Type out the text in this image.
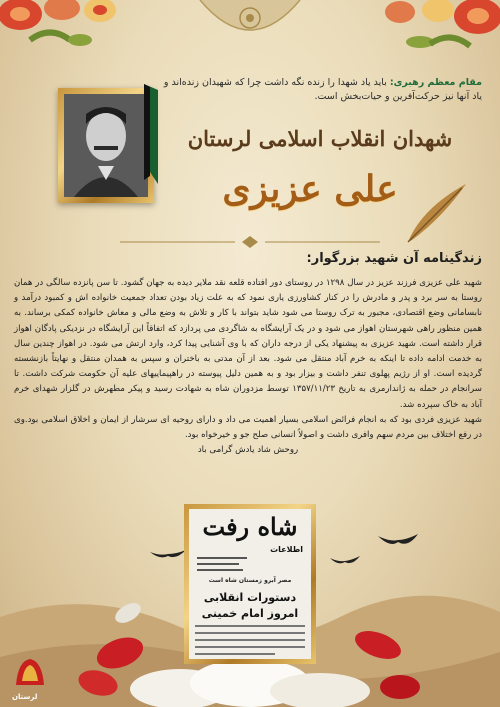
مقام معظم رهبری: باید یاد شهدا را زنده نگه داشت چرا که شهیدان زنده‌اند و یاد آنها نیز حرکت‌آفرین و حیات‌بخش است.
شهدان انقلاب اسلامی لرستان
علی عزیزی
زندگینامه آن شهید بزرگوار:

شهید علی عزیزی فرزند عزیز در سال ۱۲۹۸ در روستای دور افتاده قلعه نقد ملایر دیده به جهان گشود. تا سن پانزده سالگی در همان روستا به سر برد و پدر و مادرش را در کنار کشاورزی یاری نمود که به علت زیاد بودن تعداد جمعیت خانواده اش و کمبود درآمد و نابسامانی وضع اقتصادی، مجبور به ترک روستا می شود شاید بتواند با کار و تلاش به وضع مالی و معاش خانواده کمکی برساند. به همین منظور راهی شهرستان اهواز می شود و در یک آرایشگاه به شاگردی می پردازد که اتفاقاً این آرایشگاه در نزدیکی پادگان اهواز قرار داشته است. شهید عزیزی به پیشنهاد یکی از درجه داران که با وی آشنایی پیدا کرد، وارد ارتش می شود. در اهواز چندین سال به خدمت ادامه داده تا اینکه به خرم آباد منتقل می شود. بعد از آن مدتی به باختران و سپس به همدان منتقل و نهایتاً بازنشسته گردیده است. او از رژیم پهلوی تنفر داشت و بیزار بود و به همین دلیل پیوسته در راهپیماییهای علیه آن حکومت شرکت داشت. تا سرانجام در حمله به ژاندارمری به تاریخ ۱۳۵۷/۱۱/۲۳ توسط مزدوران شاه به شهادت رسید و پیکر مطهرش در گلزار شهدای خرم آباد به خاک سپرده شد.

شهید عزیزی فردی بود که به انجام فرائض اسلامی بسیار اهمیت می داد و دارای روحیه ای سرشار از ایمان و اخلاق اسلامی بود.وی در رفع اختلاف بین مردم سهم وافری داشت و اصولاً انسانی صلح جو و خیرخواه بود.

روحش شاد یادش گرامی باد

شاه رفت
اطلاعات
مصر آبرو زمستان شاه است
دستورات انقلابی
امروز امام خمینی
لرستان
